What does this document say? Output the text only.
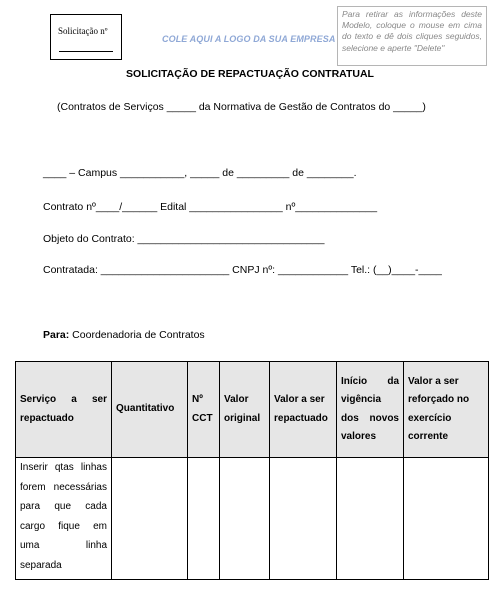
Solicitação nº
COLE AQUI A LOGO DA SUA EMPRESA
Para retirar as informações deste Modelo, coloque o mouse em cima do texto e dê dois cliques seguidos, selecione e aperte "Delete"
SOLICITAÇÃO DE REPACTUAÇÃO CONTRATUAL
(Contratos de Serviços _____ da Normativa de Gestão de Contratos do _____)
____ – Campus ___________, _____ de _________ de ________.
Contrato nº____/______ Edital ________________ nº______________
Objeto do Contrato: ________________________________
Contratada: ______________________ CNPJ nº: ____________ Tel.: (__)____-____
Para: Coordenadoria de Contratos
Serviço a ser repactuado	Quantitativo	Nº CCT	Valor original	Valor a ser repactuado	Início da vigência dos novos valores	Valor a ser reforçado no exercício corrente
Inserir qtas linhas forem necessárias para que cada cargo fique em uma linha separada						
